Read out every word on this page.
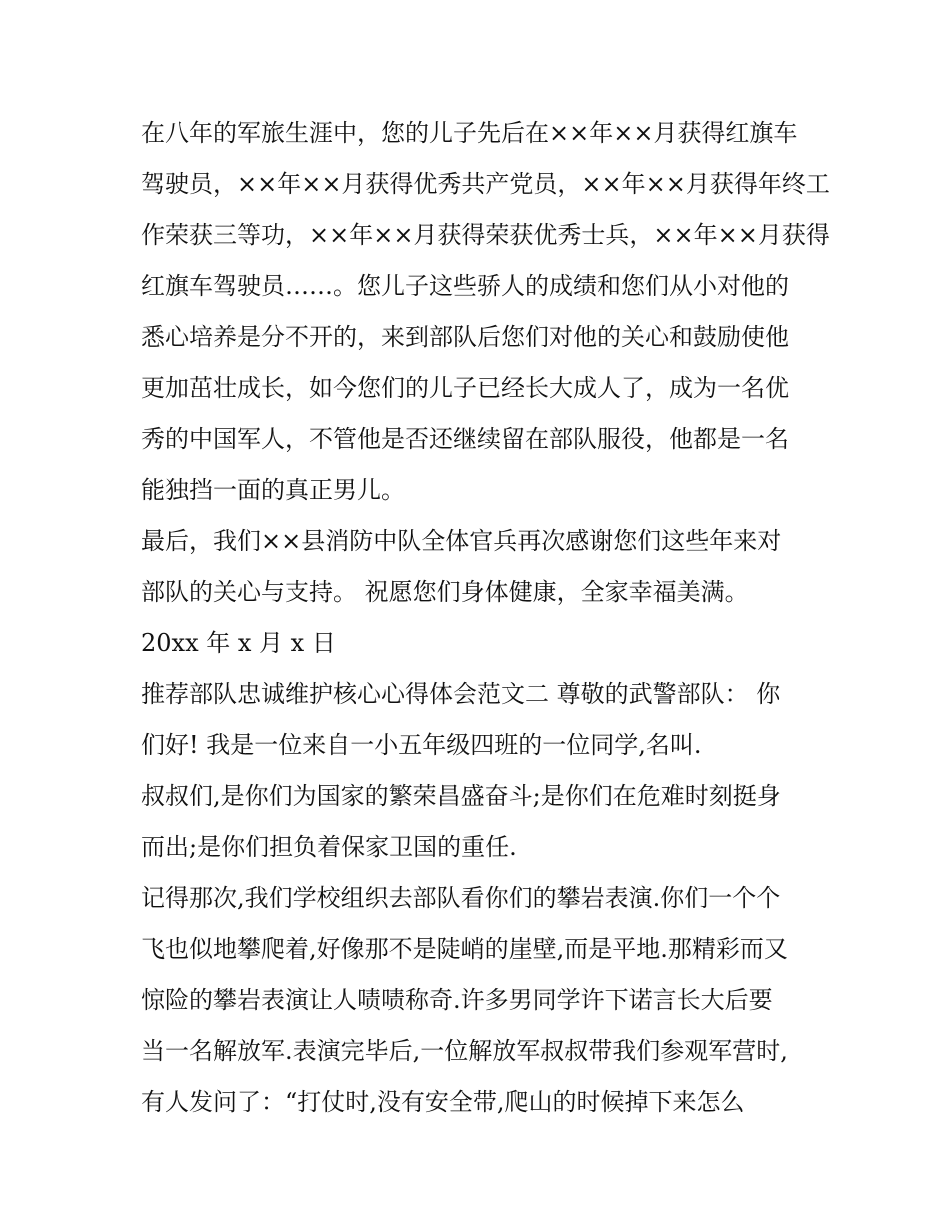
在八年的军旅生涯中，您的儿子先后在××年××月获得红旗车
驾驶员，××年××月获得优秀共产党员，××年××月获得年终工
作荣获三等功，××年××月获得荣获优秀士兵，××年××月获得
红旗车驾驶员……。您儿子这些骄人的成绩和您们从小对他的
悉心培养是分不开的，来到部队后您们对他的关心和鼓励使他
更加茁壮成长，如今您们的儿子已经长大成人了，成为一名优
秀的中国军人，不管他是否还继续留在部队服役，他都是一名
能独挡一面的真正男儿。
最后，我们××县消防中队全体官兵再次感谢您们这些年来对
部队的关心与支持。 祝愿您们身体健康，全家幸福美满。
20xx 年 x 月 x 日
推荐部队忠诚维护核心心得体会范文二 尊敬的武警部队： 你
们好! 我是一位来自一小五年级四班的一位同学,名叫.
叔叔们,是你们为国家的繁荣昌盛奋斗;是你们在危难时刻挺身
而出;是你们担负着保家卫国的重任.
记得那次,我们学校组织去部队看你们的攀岩表演.你们一个个
飞也似地攀爬着,好像那不是陡峭的崖壁,而是平地.那精彩而又
惊险的攀岩表演让人啧啧称奇.许多男同学许下诺言长大后要
当一名解放军.表演完毕后,一位解放军叔叔带我们参观军营时,
有人发问了：“打仗时,没有安全带,爬山的时候掉下来怎么
